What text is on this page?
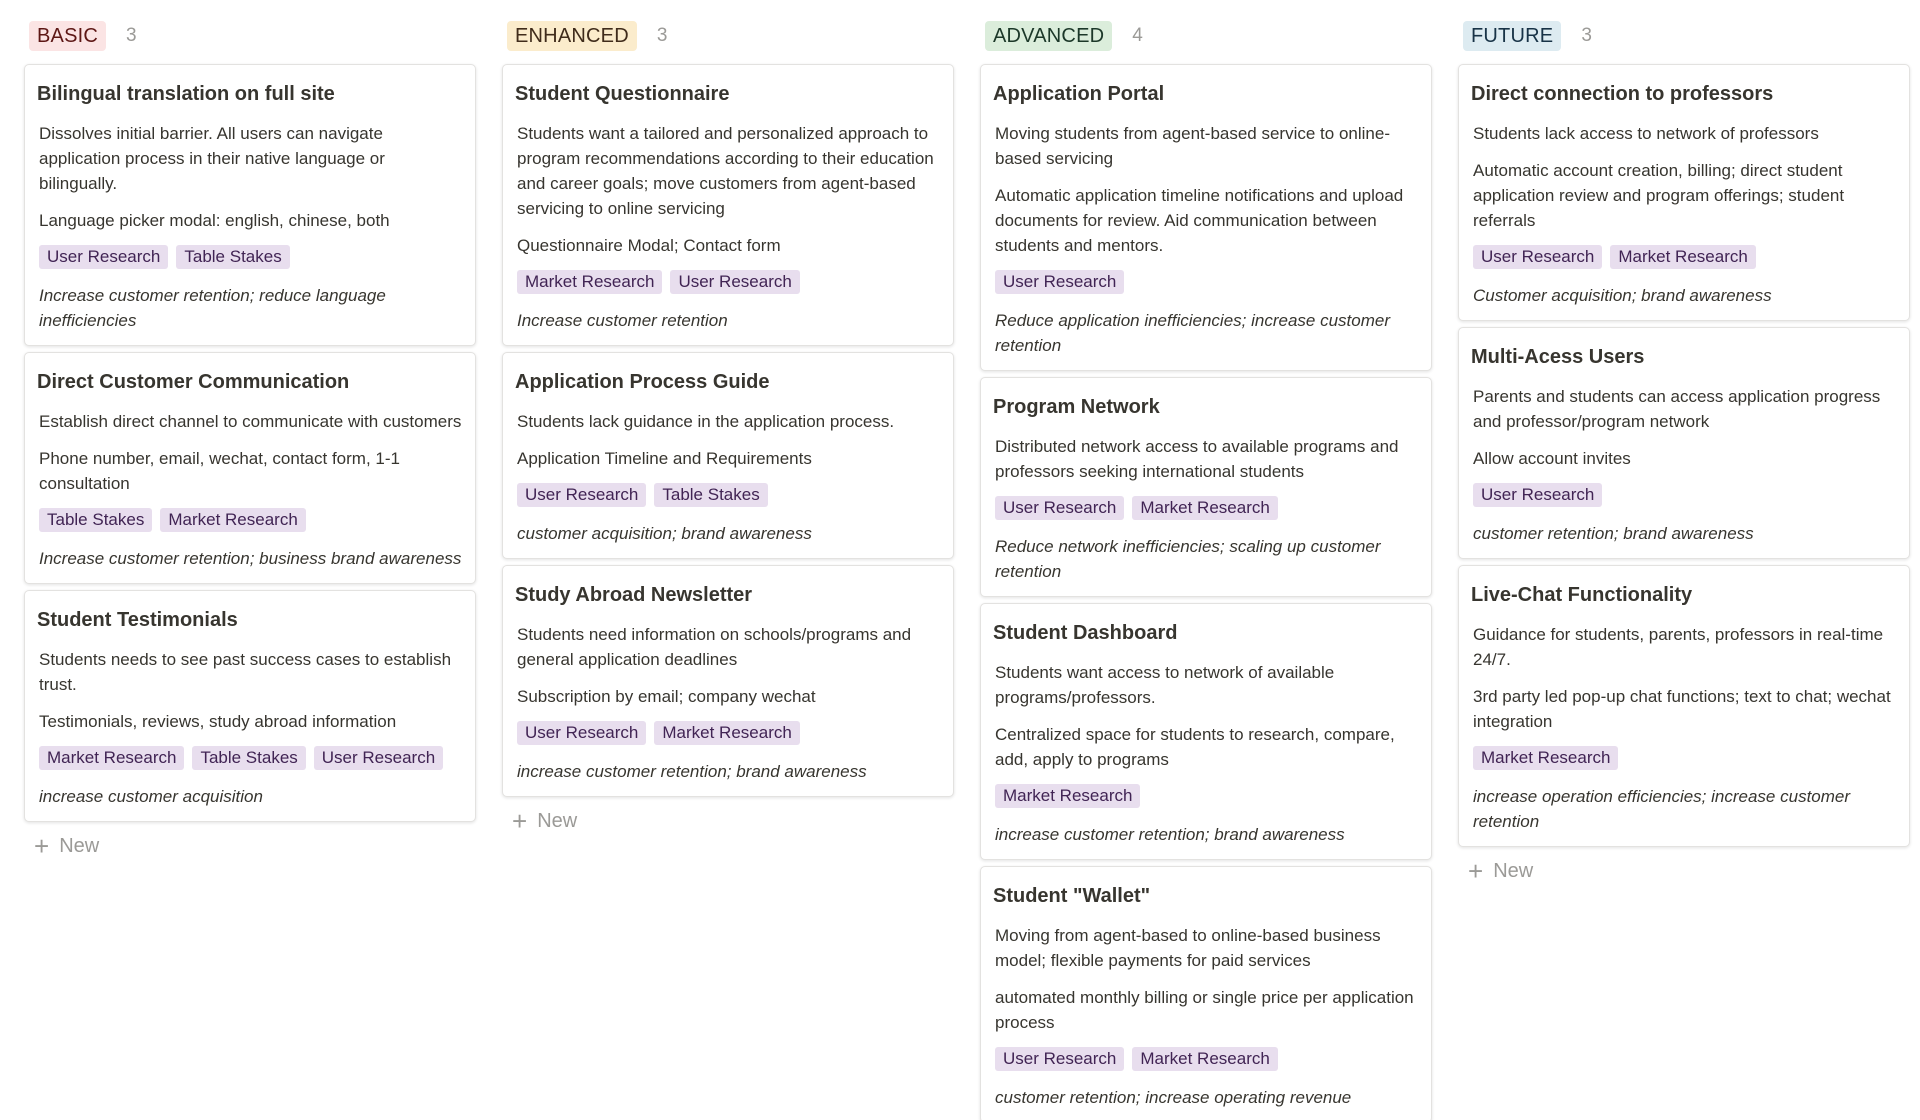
BASIC	3
Bilingual translation on full site
Dissolves initial barrier. All users can navigate application process in their native language or bilingually.
Language picker modal: english, chinese, both
User Research	Table Stakes
Increase customer retention; reduce language inefficiencies
Direct Customer Communication
Establish direct channel to communicate with customers
Phone number, email, wechat, contact form, 1-1 consultation
Table Stakes	Market Research
Increase customer retention; business brand awareness
Student Testimonials
Students needs to see past success cases to establish trust.
Testimonials, reviews, study abroad information
Market Research	Table Stakes	User Research
increase customer acquisition
+ New
ENHANCED	3
Student Questionnaire
Students want a tailored and personalized approach to program recommendations according to their education and career goals; move customers from agent-based servicing to online servicing
Questionnaire Modal; Contact form
Market Research	User Research
Increase customer retention
Application Process Guide
Students lack guidance in the application process.
Application Timeline and Requirements
User Research	Table Stakes
customer acquisition; brand awareness
Study Abroad Newsletter
Students need information on schools/programs and general application deadlines
Subscription by email; company wechat
User Research	Market Research
increase customer retention; brand awareness
+ New
ADVANCED	4
Application Portal
Moving students from agent-based service to online-based servicing
Automatic application timeline notifications and upload documents for review. Aid communication between students and mentors.
User Research
Reduce application inefficiencies; increase customer retention
Program Network
Distributed network access to available programs and professors seeking international students
User Research	Market Research
Reduce network inefficiencies; scaling up customer retention
Student Dashboard
Students want access to network of available programs/professors.
Centralized space for students to research, compare, add, apply to programs
Market Research
increase customer retention; brand awareness
Student "Wallet"
Moving from agent-based to online-based business model; flexible payments for paid services
automated monthly billing or single price per application process
User Research	Market Research
customer retention; increase operating revenue
FUTURE	3
Direct connection to professors
Students lack access to network of professors
Automatic account creation, billing; direct student application review and program offerings; student referrals
User Research	Market Research
Customer acquisition; brand awareness
Multi-Acess Users
Parents and students can access application progress and professor/program network
Allow account invites
User Research
customer retention; brand awareness
Live-Chat Functionality
Guidance for students, parents, professors in real-time 24/7.
3rd party led pop-up chat functions; text to chat; wechat integration
Market Research
increase operation efficiencies; increase customer retention
+ New
